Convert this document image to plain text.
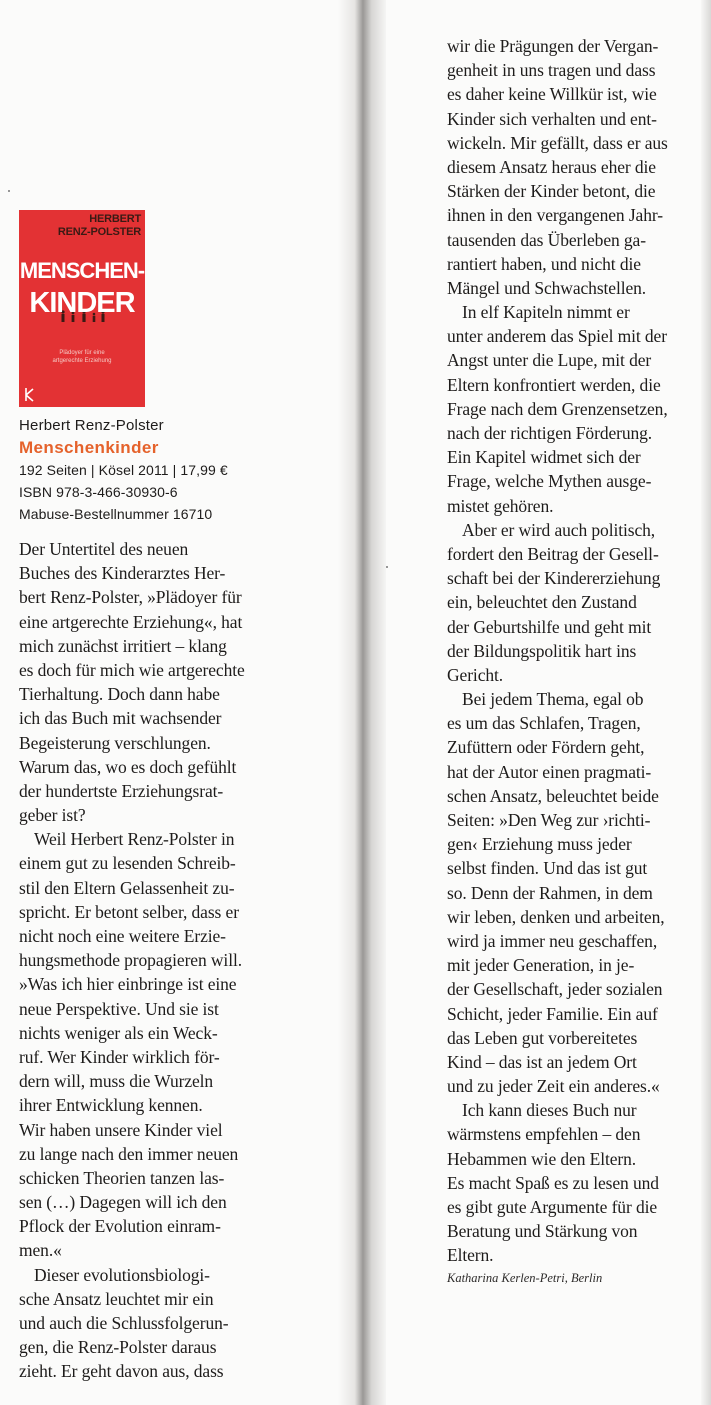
HERBERT
RENZ-POLSTER
MENSCHEN-
KINDER
Plädoyer für eine
artgerechte Erziehung
Herbert Renz-Polster
Menschenkinder
192 Seiten | Kösel 2011 | 17,99 €
ISBN 978-3-466-30930-6
Mabuse-Bestellnummer 16710
Der Untertitel des neuen
Buches des Kinderarztes Her-
bert Renz-Polster, »Plädoyer für
eine artgerechte Erziehung«, hat
mich zunächst irritiert – klang
es doch für mich wie artgerechte
Tierhaltung. Doch dann habe
ich das Buch mit wachsender
Begeisterung verschlungen.
Warum das, wo es doch gefühlt
der hundertste Erziehungsrat-
geber ist?
Weil Herbert Renz-Polster in
einem gut zu lesenden Schreib-
stil den Eltern Gelassenheit zu-
spricht. Er betont selber, dass er
nicht noch eine weitere Erzie-
hungsmethode propagieren will.
»Was ich hier einbringe ist eine
neue Perspektive. Und sie ist
nichts weniger als ein Weck-
ruf. Wer Kinder wirklich för-
dern will, muss die Wurzeln
ihrer Entwicklung kennen.
Wir haben unsere Kinder viel
zu lange nach den immer neuen
schicken Theorien tanzen las-
sen (…) Dagegen will ich den
Pflock der Evolution einram-
men.«
Dieser evolutionsbiologi-
sche Ansatz leuchtet mir ein
und auch die Schlussfolgerun-
gen, die Renz-Polster daraus
zieht. Er geht davon aus, dass
wir die Prägungen der Vergan-
genheit in uns tragen und dass
es daher keine Willkür ist, wie
Kinder sich verhalten und ent-
wickeln. Mir gefällt, dass er aus
diesem Ansatz heraus eher die
Stärken der Kinder betont, die
ihnen in den vergangenen Jahr-
tausenden das Überleben ga-
rantiert haben, und nicht die
Mängel und Schwachstellen.
In elf Kapiteln nimmt er
unter anderem das Spiel mit der
Angst unter die Lupe, mit der
Eltern konfrontiert werden, die
Frage nach dem Grenzensetzen,
nach der richtigen Förderung.
Ein Kapitel widmet sich der
Frage, welche Mythen ausge-
mistet gehören.
Aber er wird auch politisch,
fordert den Beitrag der Gesell-
schaft bei der Kindererziehung
ein, beleuchtet den Zustand
der Geburtshilfe und geht mit
der Bildungspolitik hart ins
Gericht.
Bei jedem Thema, egal ob
es um das Schlafen, Tragen,
Zufüttern oder Fördern geht,
hat der Autor einen pragmati-
schen Ansatz, beleuchtet beide
Seiten: »Den Weg zur ›richti-
gen‹ Erziehung muss jeder
selbst finden. Und das ist gut
so. Denn der Rahmen, in dem
wir leben, denken und arbeiten,
wird ja immer neu geschaffen,
mit jeder Generation, in je-
der Gesellschaft, jeder sozialen
Schicht, jeder Familie. Ein auf
das Leben gut vorbereitetes
Kind – das ist an jedem Ort
und zu jeder Zeit ein anderes.«
Ich kann dieses Buch nur
wärmstens empfehlen – den
Hebammen wie den Eltern.
Es macht Spaß es zu lesen und
es gibt gute Argumente für die
Beratung und Stärkung von
Eltern.
Katharina Kerlen-Petri, Berlin
